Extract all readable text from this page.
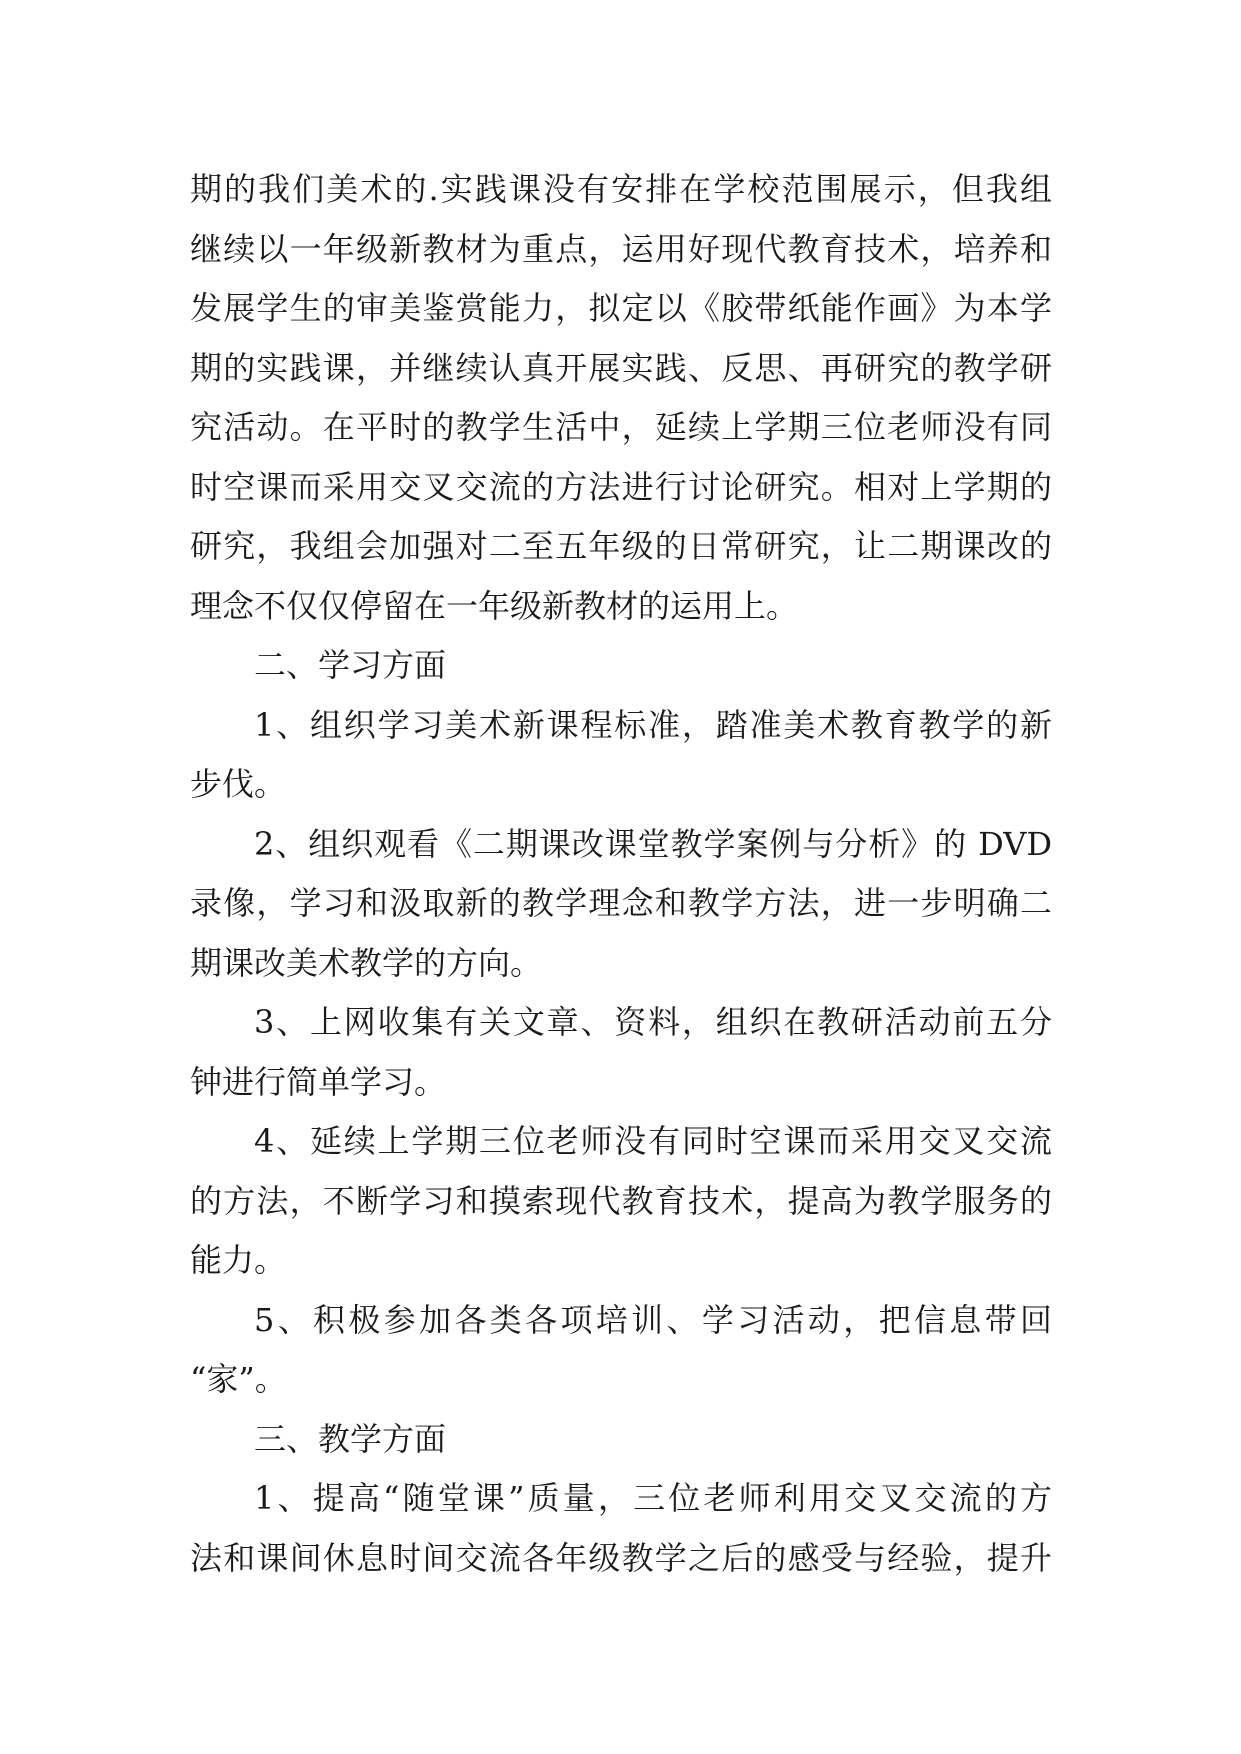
期的我们美术的.实践课没有安排在学校范围展示，但我组
继续以一年级新教材为重点，运用好现代教育技术，培养和
发展学生的审美鉴赏能力，拟定以《胶带纸能作画》为本学
期的实践课，并继续认真开展实践、反思、再研究的教学研
究活动。在平时的教学生活中，延续上学期三位老师没有同
时空课而采用交叉交流的方法进行讨论研究。相对上学期的
研究，我组会加强对二至五年级的日常研究，让二期课改的
理念不仅仅停留在一年级新教材的运用上。
二、学习方面
1、组织学习美术新课程标准，踏准美术教育教学的新
步伐。
2、组织观看《二期课改课堂教学案例与分析》的 DVD
录像，学习和汲取新的教学理念和教学方法，进一步明确二
期课改美术教学的方向。
3、上网收集有关文章、资料，组织在教研活动前五分
钟进行简单学习。
4、延续上学期三位老师没有同时空课而采用交叉交流
的方法，不断学习和摸索现代教育技术，提高为教学服务的
能力。
5、积极参加各类各项培训、学习活动，把信息带回
“家”。
三、教学方面
1、提高“随堂课”质量，三位老师利用交叉交流的方
法和课间休息时间交流各年级教学之后的感受与经验，提升
